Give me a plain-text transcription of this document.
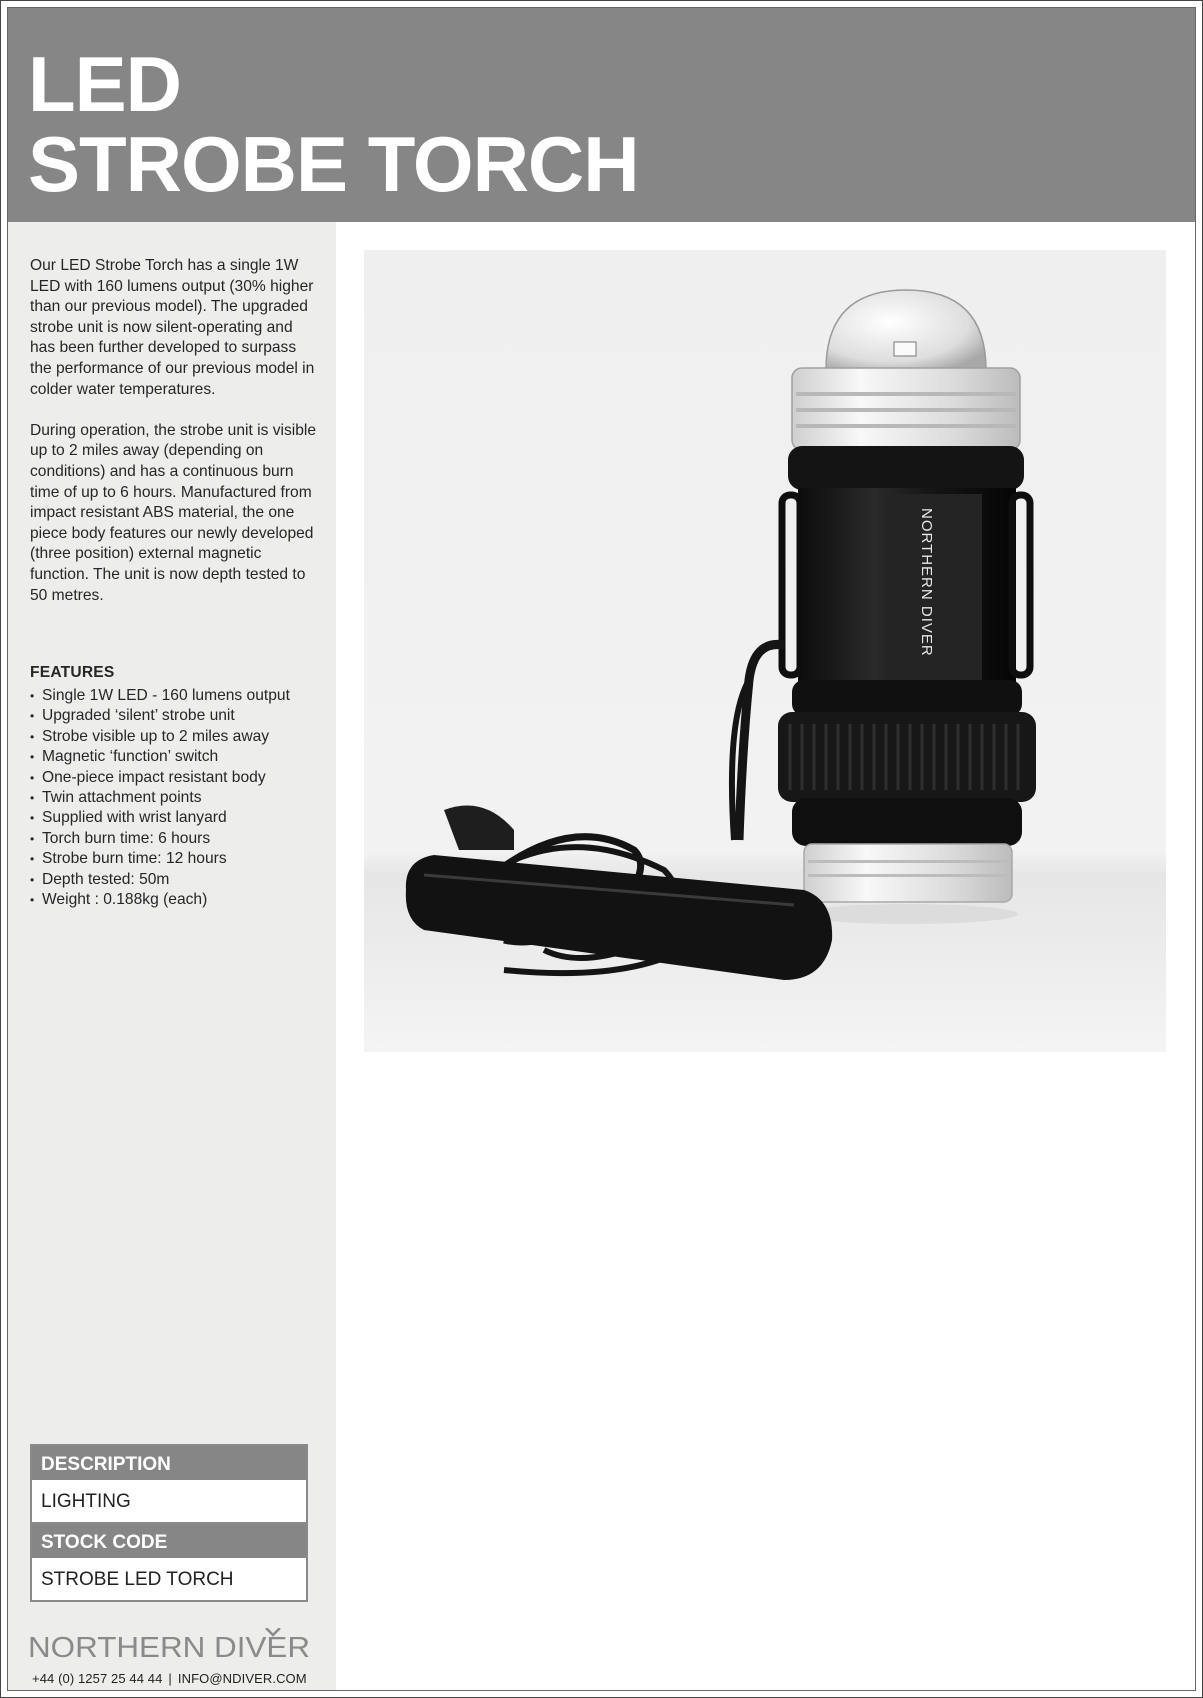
LED
STROBE TORCH

Our LED Strobe Torch has a single 1W LED with 160 lumens output (30% higher than our previous model). The upgraded strobe unit is now silent-operating and has been further developed to surpass the performance of our previous model in colder water temperatures.

During operation, the strobe unit is visible up to 2 miles away (depending on conditions) and has a continuous burn time of up to 6 hours. Manufactured from impact resistant ABS material, the one piece body features our newly developed (three position) external magnetic function. The unit is now depth tested to 50 metres.

FEATURES
• Single 1W LED - 160 lumens output
• Upgraded ‘silent’ strobe unit
• Strobe visible up to 2 miles away
• Magnetic ‘function’ switch
• One-piece impact resistant body
• Twin attachment points
• Supplied with wrist lanyard
• Torch burn time: 6 hours
• Strobe burn time: 12 hours
• Depth tested: 50m
• Weight : 0.188kg (each)
DESCRIPTION
LIGHTING
STOCK CODE
STROBE LED TORCH
NORTHERN DIVER
+44 (0) 1257 25 44 44 | INFO@NDIVER.COM
NORTHERN DIVER
